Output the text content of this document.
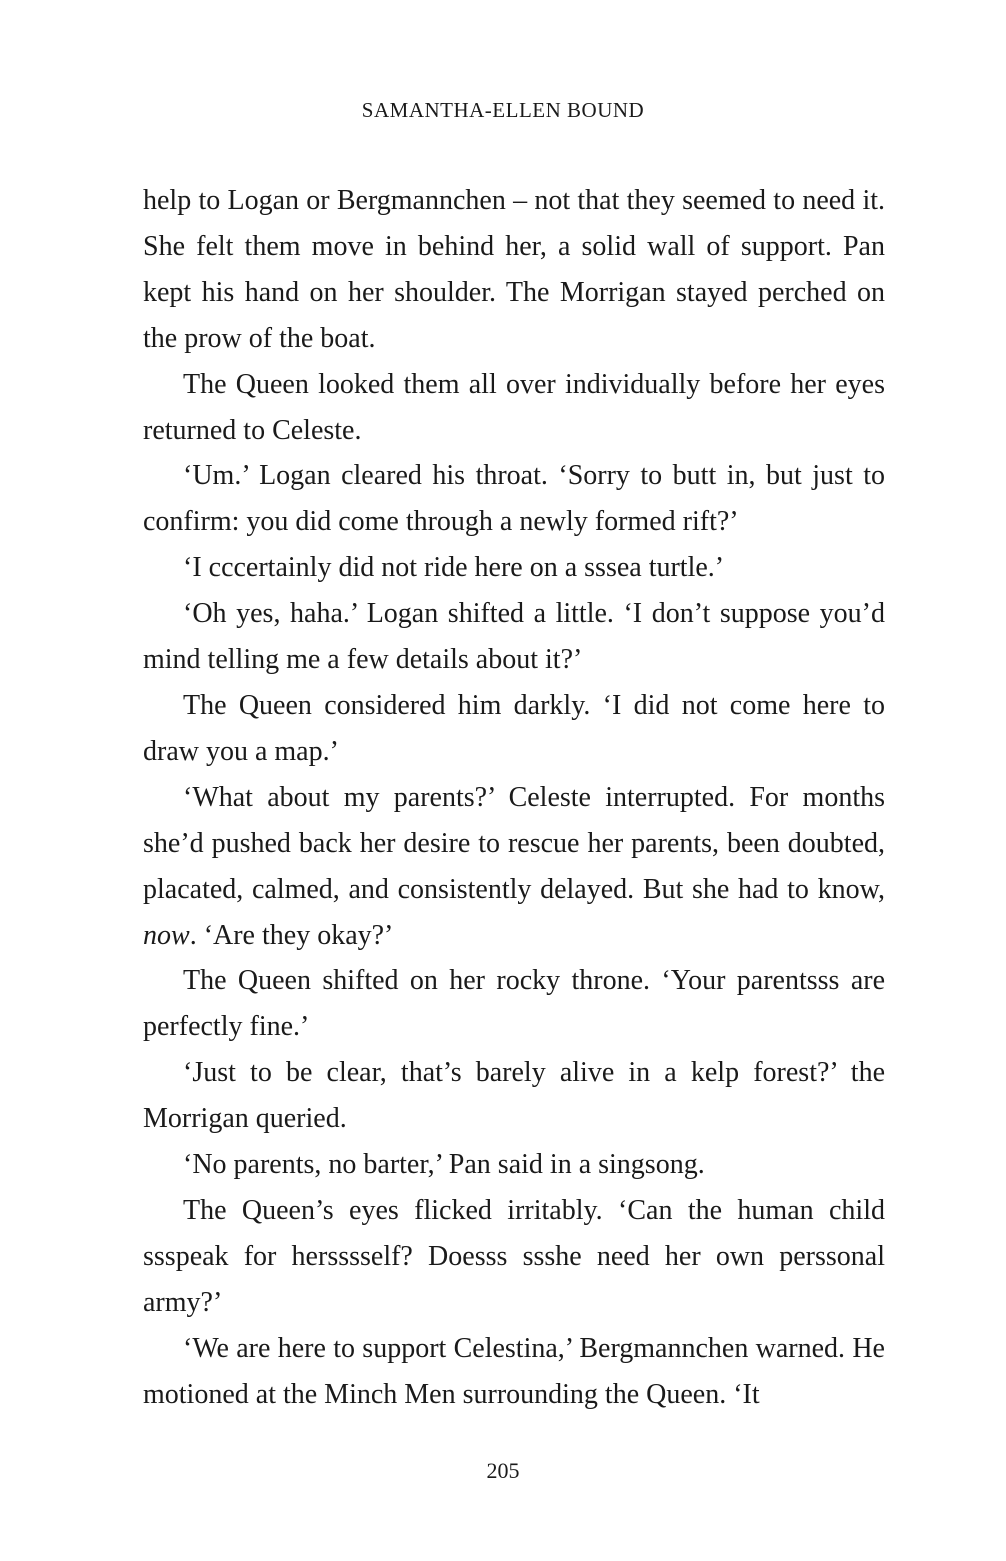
SAMANTHA-ELLEN BOUND

help to Logan or Bergmannchen – not that they seemed to need it. She felt them move in behind her, a solid wall of support. Pan kept his hand on her shoulder. The Morrigan stayed perched on the prow of the boat.

The Queen looked them all over individually before her eyes returned to Celeste.

‘Um.’ Logan cleared his throat. ‘Sorry to butt in, but just to confirm: you did come through a newly formed rift?’

‘I cccertainly did not ride here on a sssea turtle.’

‘Oh yes, haha.’ Logan shifted a little. ‘I don’t suppose you’d mind telling me a few details about it?’

The Queen considered him darkly. ‘I did not come here to draw you a map.’

‘What about my parents?’ Celeste interrupted. For months she’d pushed back her desire to rescue her parents, been doubted, placated, calmed, and consistently delayed. But she had to know, now. ‘Are they okay?’

The Queen shifted on her rocky throne. ‘Your parentsss are perfectly fine.’

‘Just to be clear, that’s barely alive in a kelp forest?’ the Morrigan queried.

‘No parents, no barter,’ Pan said in a singsong.

The Queen’s eyes flicked irritably. ‘Can the human child ssspeak for hersssself? Doesss ssshe need her own perssonal army?’

‘We are here to support Celestina,’ Bergmannchen warned. He motioned at the Minch Men surrounding the Queen. ‘It

205
